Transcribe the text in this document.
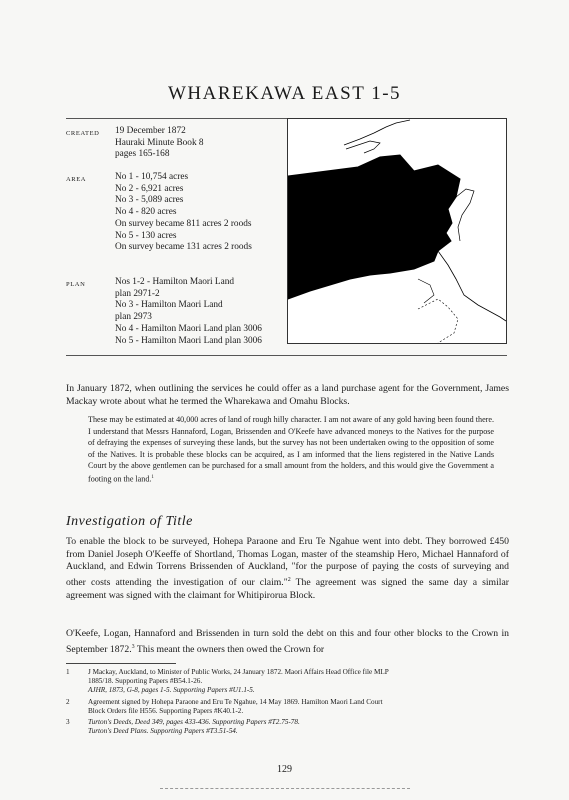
WHAREKAWA EAST 1-5
CREATED	19 December 1872
Hauraki Minute Book 8
pages 165-168
AREA	No 1 - 10,754 acres
No 2 - 6,921 acres
No 3 - 5,089 acres
No 4 - 820 acres
On survey became 811 acres 2 roods
No 5 - 130 acres
On survey became 131 acres 2 roods
PLAN	Nos 1-2 - Hamilton Maori Land
plan 2971-2
No 3 - Hamilton Maori Land
plan 2973
No 4 - Hamilton Maori Land plan 3006
No 5 - Hamilton Maori Land plan 3006
In January 1872, when outlining the services he could offer as a land purchase agent for the Government, James Mackay wrote about what he termed the Wharekawa and Omahu Blocks.
These may be estimated at 40,000 acres of land of rough hilly character. I am not aware of any gold having been found there. I understand that Messrs Hannaford, Logan, Brissenden and O'Keefe have advanced moneys to the Natives for the purpose of defraying the expenses of surveying these lands, but the survey has not been undertaken owing to the opposition of some of the Natives. It is probable these blocks can be acquired, as I am informed that the liens registered in the Native Lands Court by the above gentlemen can be purchased for a small amount from the holders, and this would give the Government a footing on the land.$^1$
Investigation of Title
To enable the block to be surveyed, Hohepa Paraone and Eru Te Ngahue went into debt. They borrowed £450 from Daniel Joseph O'Keeffe of Shortland, Thomas Logan, master of the steamship Hero, Michael Hannaford of Auckland, and Edwin Torrens Brissenden of Auckland, "for the purpose of paying the costs of surveying and other costs attending the investigation of our claim."$^2$ The agreement was signed the same day a similar agreement was signed with the claimant for Whitipirorua Block.
O'Keefe, Logan, Hannaford and Brissenden in turn sold the debt on this and four other blocks to the Crown in September 1872.$^3$ This meant the owners then owed the Crown for
1	J Mackay, Auckland, to Minister of Public Works, 24 January 1872. Maori Affairs Head Office file MLP
1885/18. Supporting Papers #B54.1-26.
AJHR, 1873, G-8, pages 1-5. Supporting Papers #U1.1-5.
2	Agreement signed by Hohepa Paraone and Eru Te Ngahue, 14 May 1869. Hamilton Maori Land Court
Block Orders file H556. Supporting Papers #K40.1-2.
3	Turton's Deeds, Deed 349, pages 433-436. Supporting Papers #T2.75-78.
Turton's Deed Plans. Supporting Papers #T3.51-54.
129
